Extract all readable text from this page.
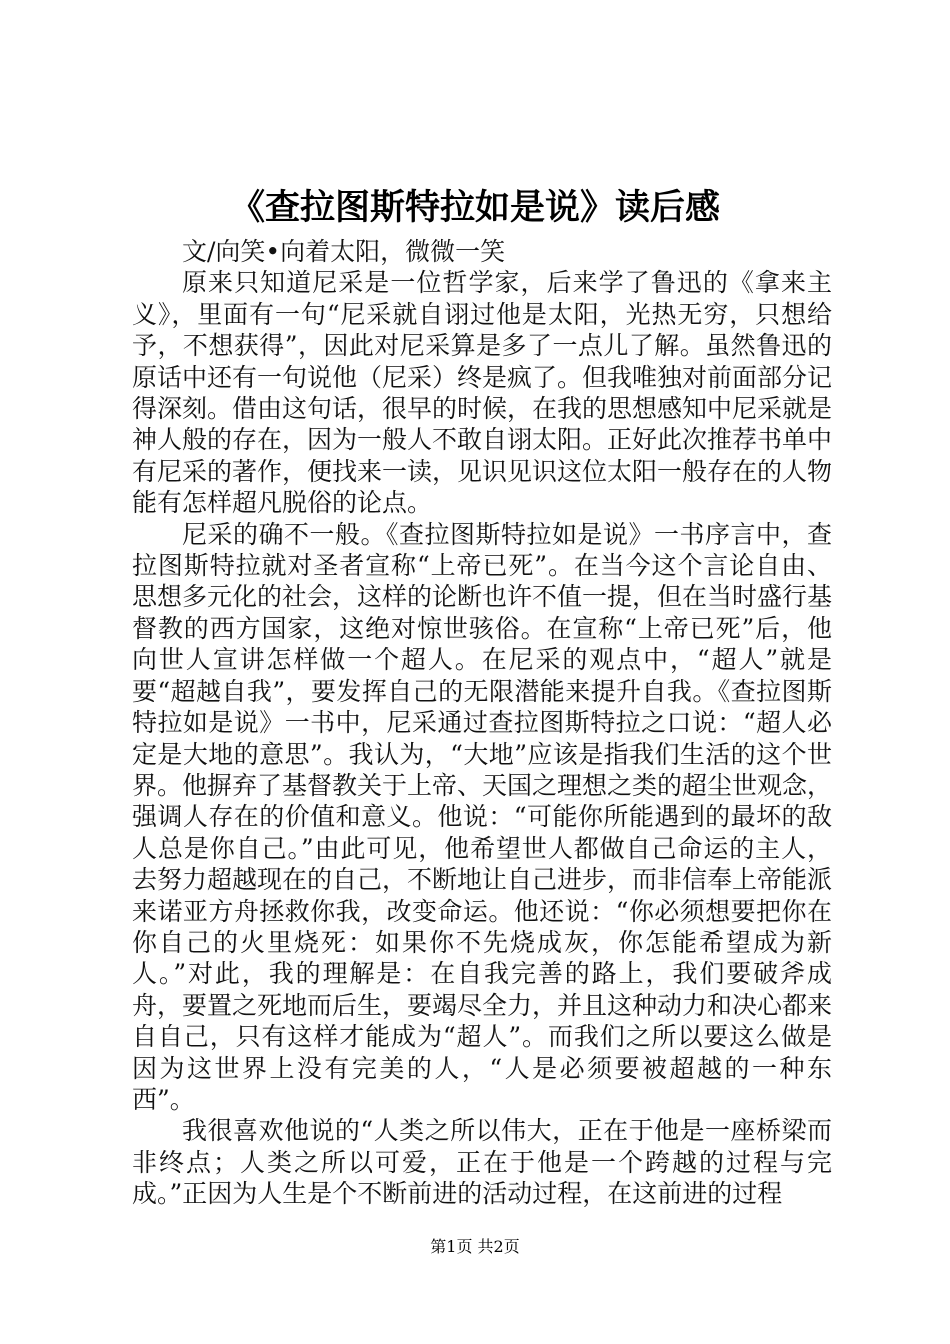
《查拉图斯特拉如是说》读后感

文/向笑•向着太阳，微微一笑

原来只知道尼采是一位哲学家，后来学了鲁迅的《拿来主义》，里面有一句“尼采就自诩过他是太阳，光热无穷，只想给予，不想获得”，因此对尼采算是多了一点儿了解。虽然鲁迅的原话中还有一句说他（尼采）终是疯了。但我唯独对前面部分记得深刻。借由这句话，很早的时候，在我的思想感知中尼采就是神人般的存在，因为一般人不敢自诩太阳。正好此次推荐书单中有尼采的著作，便找来一读，见识见识这位太阳一般存在的人物能有怎样超凡脱俗的论点。

尼采的确不一般。《查拉图斯特拉如是说》一书序言中，查拉图斯特拉就对圣者宣称“上帝已死”。在当今这个言论自由、思想多元化的社会，这样的论断也许不值一提，但在当时盛行基督教的西方国家，这绝对惊世骇俗。在宣称“上帝已死”后，他向世人宣讲怎样做一个超人。在尼采的观点中，“超人”就是要“超越自我”，要发挥自己的无限潜能来提升自我。《查拉图斯特拉如是说》一书中，尼采通过查拉图斯特拉之口说：“超人必定是大地的意思”。我认为，“大地”应该是指我们生活的这个世界。他摒弃了基督教关于上帝、天国之理想之类的超尘世观念，强调人存在的价值和意义。他说：“可能你所能遇到的最坏的敌人总是你自己。”由此可见，他希望世人都做自己命运的主人，去努力超越现在的自己，不断地让自己进步，而非信奉上帝能派来诺亚方舟拯救你我，改变命运。他还说：“你必须想要把你在你自己的火里烧死：如果你不先烧成灰，你怎能希望成为新人。”对此，我的理解是：在自我完善的路上，我们要破斧成舟，要置之死地而后生，要竭尽全力，并且这种动力和决心都来自自己，只有这样才能成为“超人”。而我们之所以要这么做是因为这世界上没有完美的人，“人是必须要被超越的一种东西”。

我很喜欢他说的“人类之所以伟大，正在于他是一座桥梁而非终点；人类之所以可爱，正在于他是一个跨越的过程与完成。”正因为人生是个不断前进的活动过程，在这前进的过程

第1页 共2页
